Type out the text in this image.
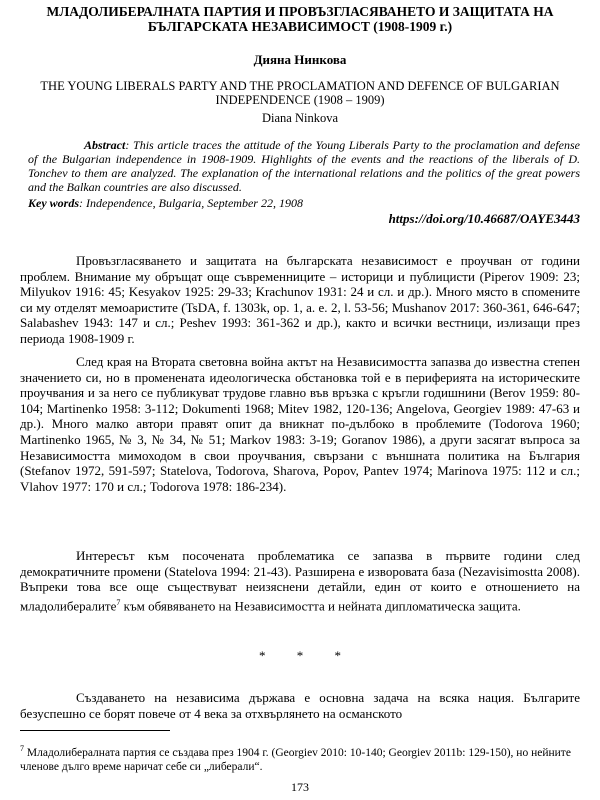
МЛАДОЛИБЕРАЛНАТА ПАРТИЯ И ПРОВЪЗГЛАСЯВАНЕТО И ЗАЩИТАТА НА БЪЛГАРСКАТА НЕЗАВИСИМОСТ (1908-1909 г.)
Дияна Нинкова
THE YOUNG LIBERALS PARTY AND THE PROCLAMATION AND DEFENCE OF BULGARIAN INDEPENDENCE (1908 – 1909)
Diana Ninkova
Abstract: This article traces the attitude of the Young Liberals Party to the proclamation and defense of the Bulgarian independence in 1908-1909. Highlights of the events and the reactions of the liberals of D. Tonchev to them are analyzed. The explanation of the international relations and the politics of the great powers and the Balkan countries are also discussed.
Key words: Independence, Bulgaria, September 22, 1908
https://doi.org/10.46687/OAYE3443

Провъзгласяването и защитата на българската независимост е проучван от години проблем. Внимание му обръщат още съвременниците – историци и публицисти (Piperov 1909: 23; Milyukov 1916: 45; Kesyakov 1925: 29-33; Krachunov 1931: 24 и сл. и др.). Много място в спомените си му отделят мемоаристите (TsDA, f. 1303k, op. 1, a. e. 2, l. 53-56; Mushanov 2017: 360-361, 646-647; Salabashev 1943: 147 и сл.; Peshev 1993: 361-362 и др.), както и всички вестници, излизащи през периода 1908-1909 г.

След края на Втората световна война актът на Независимостта запазва до известна степен значението си, но в променената идеологическа обстановка той е в периферията на историческите проучвания и за него се публикуват трудове главно във връзка с кръгли годишнини (Berov 1959: 80-104; Martinenko 1958: 3-112; Dokumenti 1968; Mitev 1982, 120-136; Angelova, Georgiev 1989: 47-63 и др.). Много малко автори правят опит да вникнат по-дълбоко в проблемите (Todorova 1960; Martinenko 1965, № 3, № 34, № 51; Markov 1983: 3-19; Goranov 1986), а други засягат въпроса за Независимостта мимоходом в свои проучвания, свързани с външната политика на България (Stefanov 1972, 591-597; Statelova, Todorova, Sharova, Popov, Pantev 1974; Marinova 1975: 112 и сл.; Vlahov 1977: 170 и сл.; Todorova 1978: 186-234).

Интересът към посочената проблематика се запазва в първите години след демократичните промени (Statelova 1994: 21-43). Разширена е изворовата база (Nezavisimostta 2008). Въпреки това все още съществуват неизяснени детайли, един от които е отношението на младолибералите$^7$ към обявяването на Независимостта и нейната дипломатическа защита.

* * *

Създаването на независима държава е основна задача на всяка нация. Българите безуспешно се борят повече от 4 века за отхвърлянето на османското

$^7$ Младолибералната партия се създава през 1904 г. (Georgiev 2010: 10-140; Georgiev 2011b: 129-150), но нейните членове дълго време наричат себе си „либерали“.
173
